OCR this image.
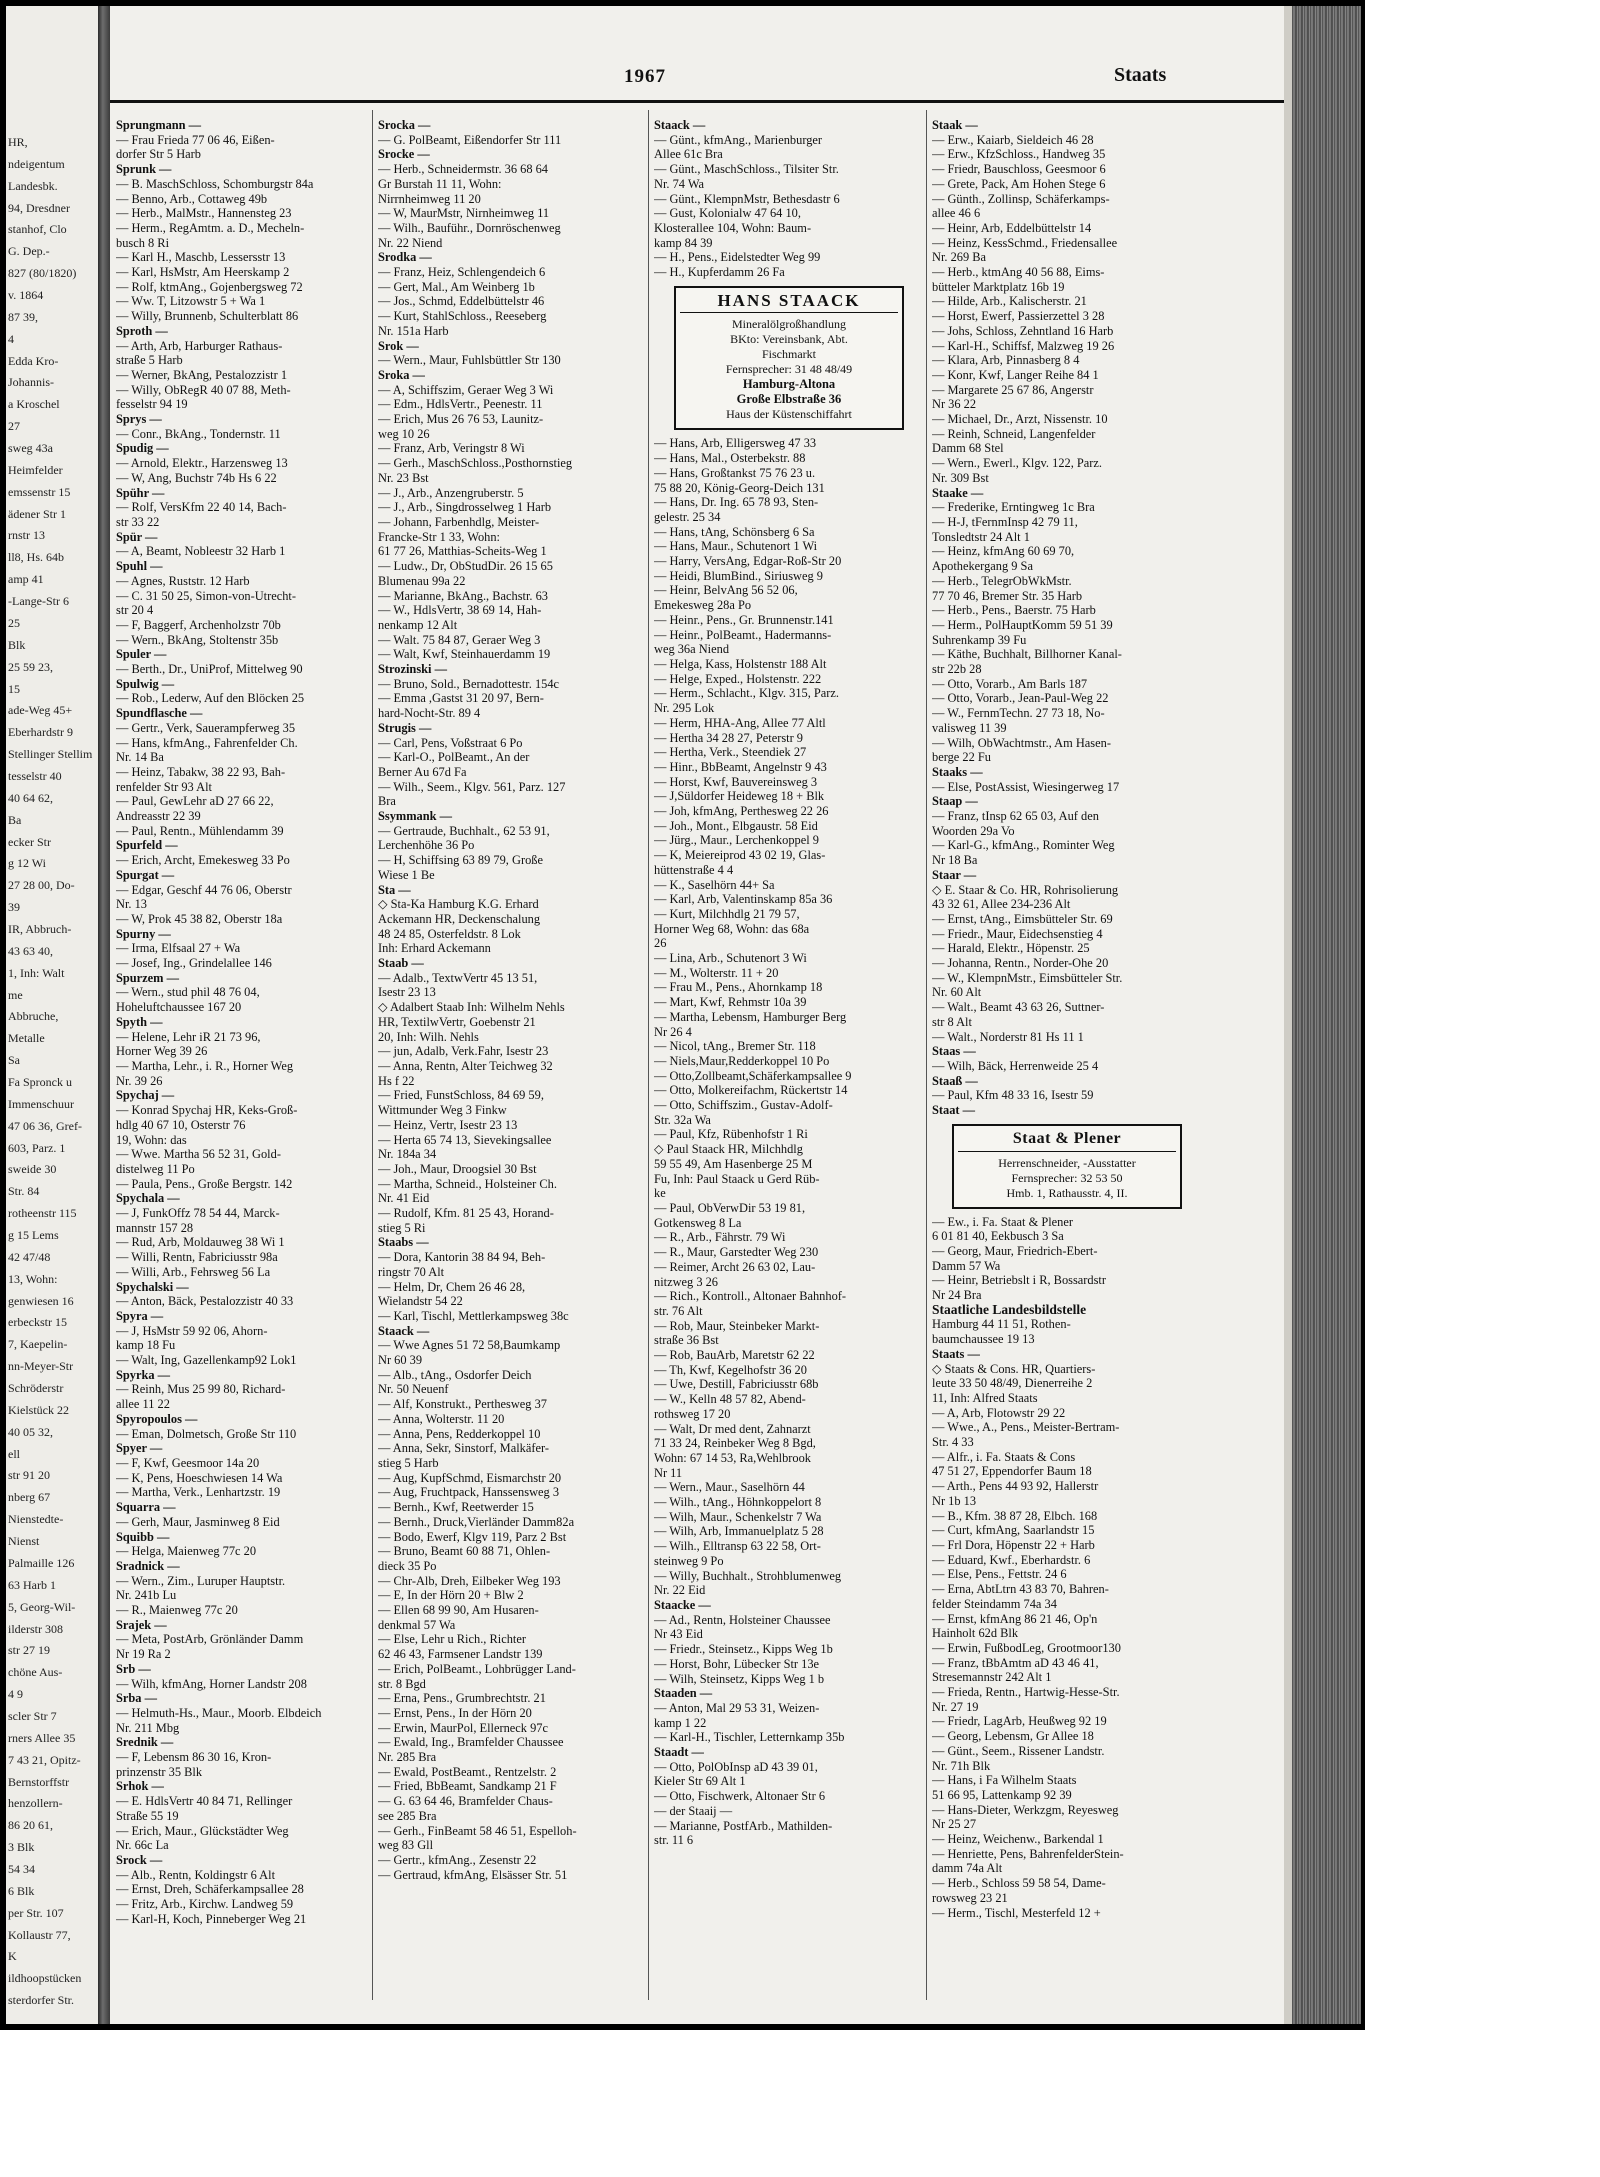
HR,
ndeigentum
Landesbk.
94, Dresdner
stanhof, Clo
G. Dep.-
827 (80/1820)
v. 1864
87 39,
4
Edda Kro-
Johannis-
a Kroschel
27
sweg 43a
Heimfelder
emssenstr 15
ädener Str 1
rnstr 13
ll8, Hs. 64b
amp 41
-Lange-Str 6
25
Blk
25 59 23,
15
ade-Weg 45+
Eberhardstr 9
Stellinger Stellim
tesselstr 40
40 64 62,
Ba
ecker Str
g 12 Wi
27 28 00, Do-
39
IR, Abbruch-
43 63 40,
1, Inh: Walt
me
Abbruche,
Metalle
Sa
Fa Spronck u
Immenschuur
47 06 36, Gref-
603, Parz. 1
sweide 30
Str. 84
rotheenstr 115
g 15 Lems
42 47/48
13, Wohn:
genwiesen 16
erbeckstr 15
7, Kaepelin-
nn-Meyer-Str
Schröderstr
Kielstück 22
40 05 32,
ell
str 91 20
nberg 67
Nienstedte-
Nienst
Palmaille 126
63 Harb 1
5, Georg-Wil-
ilderstr 308
str 27 19
chöne Aus-
4 9
scler Str 7
rners Allee 35
7 43 21, Opitz-
Bernstorffstr
henzollern-
86 20 61,
3 Blk
54 34
6 Blk
per Str. 107
Kollaustr 77,
K
ildhoopstücken
sterdorfer Str.
1967	Staats
Sprungmann —
— Frau Frieda 77 06 46, Eißen-
dorfer Str 5 Harb
Sprunk —
— B. MaschSchloss, Schomburgstr 84a
— Benno, Arb., Cottaweg 49b
— Herb., MalMstr., Hannensteg 23
— Herm., RegAmtm. a. D., Mecheln-
busch 8 Ri
— Karl H., Maschb, Lessersstr 13
— Karl, HsMstr, Am Heerskamp 2
— Rolf, ktmAng., Gojenbergsweg 72
— Ww. T, Litzowstr 5 + Wa 1
— Willy, Brunnenb, Schulterblatt 86
Sproth —
— Arth, Arb, Harburger Rathaus-
straße 5 Harb
— Werner, BkAng, Pestalozzistr 1
— Willy, ObRegR 40 07 88, Meth-
fesselstr 94 19
Sprys —
— Conr., BkAng., Tondernstr. 11
Spudig —
— Arnold, Elektr., Harzensweg 13
— W, Ang, Buchstr 74b Hs 6 22
Spühr —
— Rolf, VersKfm 22 40 14, Bach-
str 33 22
Spür —
— A, Beamt, Nobleestr 32 Harb 1
Spuhl —
— Agnes, Ruststr. 12 Harb
— C. 31 50 25, Simon-von-Utrecht-
str 20 4
— F, Baggerf, Archenholzstr 70b
— Wern., BkAng, Stoltenstr 35b
Spuler —
— Berth., Dr., UniProf, Mittelweg 90
Spulwig —
— Rob., Lederw, Auf den Blöcken 25
Spundflasche —
— Gertr., Verk, Sauerampferweg 35
— Hans, kfmAng., Fahrenfelder Ch.
Nr. 14 Ba
— Heinz, Tabakw, 38 22 93, Bah-
renfelder Str 93 Alt
— Paul, GewLehr aD 27 66 22,
Andreasstr 22 39
— Paul, Rentn., Mühlendamm 39
Spurfeld —
— Erich, Archt, Emekesweg 33 Po
Spurgat —
— Edgar, Geschf 44 76 06, Oberstr
Nr. 13
— W, Prok 45 38 82, Oberstr 18a
Spurny —
— Irma, Elfsaal 27 + Wa
— Josef, Ing., Grindelallee 146
Spurzem —
— Wern., stud phil 48 76 04,
Hoheluftchaussee 167 20
Spyth —
— Helene, Lehr iR 21 73 96,
Horner Weg 39 26
— Martha, Lehr., i. R., Horner Weg
Nr. 39 26
Spychaj —
— Konrad Spychaj HR, Keks-Groß-
hdlg 40 67 10, Osterstr 76
19, Wohn: das
— Wwe. Martha 56 52 31, Gold-
distelweg 11 Po
— Paula, Pens., Große Bergstr. 142
Spychala —
— J, FunkOffz 78 54 44, Marck-
mannstr 157 28
— Rud, Arb, Moldauweg 38 Wi 1
— Willi, Rentn, Fabriciusstr 98a
— Willi, Arb., Fehrsweg 56 La
Spychalski —
— Anton, Bäck, Pestalozzistr 40 33
Spyra —
— J, HsMstr 59 92 06, Ahorn-
kamp 18 Fu
— Walt, Ing, Gazellenkamp92 Lok1
Spyrka —
— Reinh, Mus 25 99 80, Richard-
allee 11 22
Spyropoulos —
— Eman, Dolmetsch, Große Str 110
Spyer —
— F, Kwf, Geesmoor 14a 20
— K, Pens, Hoeschwiesen 14 Wa
— Martha, Verk., Lenhartzstr. 19
Squarra —
— Gerh, Maur, Jasminweg 8 Eid
Squibb —
— Helga, Maienweg 77c 20
Sradnick —
— Wern., Zim., Luruper Hauptstr.
Nr. 241b Lu
— R., Maienweg 77c 20
Srajek —
— Meta, PostArb, Grönländer Damm
Nr 19 Ra 2
Srb —
— Wilh, kfmAng, Horner Landstr 208
Srba —
— Helmuth-Hs., Maur., Moorb. Elbdeich
Nr. 211 Mbg
Srednik —
— F, Lebensm 86 30 16, Kron-
prinzenstr 35 Blk
Srhok —
— E. HdlsVertr 40 84 71, Rellinger
Straße 55 19
— Erich, Maur., Glückstädter Weg
Nr. 66c La
Srock —
— Alb., Rentn, Koldingstr 6 Alt
— Ernst, Dreh, Schäferkampsallee 28
— Fritz, Arb., Kirchw. Landweg 59
— Karl-H, Koch, Pinneberger Weg 21
Srocka —
— G. PolBeamt, Eißendorfer Str 111
Srocke —
— Herb., Schneidermstr. 36 68 64
Gr Burstah 11 11, Wohn:
Nirrnheimweg 11 20
— W, MaurMstr, Nirnheimweg 11
— Wilh., Bauführ., Dornröschenweg
Nr. 22 Niend
Srodka —
— Franz, Heiz, Schlengendeich 6
— Gert, Mal., Am Weinberg 1b
— Jos., Schmd, Eddelbüttelstr 46
— Kurt, StahlSchloss., Reeseberg
Nr. 151a Harb
Srok —
— Wern., Maur, Fuhlsbüttler Str 130
Sroka —
— A, Schiffszim, Geraer Weg 3 Wi
— Edm., HdlsVertr., Peenestr. 11
— Erich, Mus 26 76 53, Launitz-
weg 10 26
— Franz, Arb, Veringstr 8 Wi
— Gerh., MaschSchloss.,Posthornstieg
Nr. 23 Bst
— J., Arb., Anzengruberstr. 5
— J., Arb., Singdrosselweg 1 Harb
— Johann, Farbenhdlg, Meister-
Francke-Str 1 33, Wohn:
61 77 26, Matthias-Scheits-Weg 1
— Ludw., Dr, ObStudDir. 26 15 65
Blumenau 99a 22
— Marianne, BkAng., Bachstr. 63
— W., HdlsVertr, 38 69 14, Hah-
nenkamp 12 Alt
— Walt. 75 84 87, Geraer Weg 3
— Walt, Kwf, Steinhauerdamm 19
Strozinski —
— Bruno, Sold., Bernadottestr. 154c
— Emma ,Gastst 31 20 97, Bern-
hard-Nocht-Str. 89 4
Strugis —
— Carl, Pens, Voßstraat 6 Po
— Karl-O., PolBeamt., An der
Berner Au 67d Fa
— Wilh., Seem., Klgv. 561, Parz. 127
Bra
Ssymmank —
— Gertraude, Buchhalt., 62 53 91,
Lerchenhöhe 36 Po
— H, Schiffsing 63 89 79, Große
Wiese 1 Be
Sta —
◇ Sta-Ka Hamburg K.G. Erhard
Ackemann HR, Deckenschalung
48 24 85, Osterfeldstr. 8 Lok
Inh: Erhard Ackemann
Staab —
— Adalb., TextwVertr 45 13 51,
Isestr 23 13
◇ Adalbert Staab Inh: Wilhelm Nehls
HR, TextilwVertr, Goebenstr 21
20, Inh: Wilh. Nehls
— jun, Adalb, Verk.Fahr, Isestr 23
— Anna, Rentn, Alter Teichweg 32
Hs f 22
— Fried, FunstSchloss, 84 69 59,
Wittmunder Weg 3 Finkw
— Heinz, Vertr, Isestr 23 13
— Herta 65 74 13, Sievekingsallee
Nr. 184a 34
— Joh., Maur, Droogsiel 30 Bst
— Martha, Schneid., Holsteiner Ch.
Nr. 41 Eid
— Rudolf, Kfm. 81 25 43, Horand-
stieg 5 Ri
Staabs —
— Dora, Kantorin 38 84 94, Beh-
ringstr 70 Alt
— Helm, Dr, Chem 26 46 28,
Wielandstr 54 22
— Karl, Tischl, Mettlerkampsweg 38c
Staack —
— Wwe Agnes 51 72 58,Baumkamp
Nr 60 39
— Alb., tAng., Osdorfer Deich
Nr. 50 Neuenf
— Alf, Konstrukt., Perthesweg 37
— Anna, Wolterstr. 11 20
— Anna, Pens, Redderkoppel 10
— Anna, Sekr, Sinstorf, Malkäfer-
stieg 5 Harb
— Aug, KupfSchmd, Eismarchstr 20
— Aug, Fruchtpack, Hanssensweg 3
— Bernh., Kwf, Reetwerder 15
— Bernh., Druck,Vierländer Damm82a
— Bodo, Ewerf, Klgv 119, Parz 2 Bst
— Bruno, Beamt 60 88 71, Ohlen-
dieck 35 Po
— Chr-Alb, Dreh, Eilbeker Weg 193
— E, In der Hörn 20 + Blw 2
— Ellen 68 99 90, Am Husaren-
denkmal 57 Wa
— Else, Lehr u Rich., Richter
62 46 43, Farmsener Landstr 139
— Erich, PolBeamt., Lohbrügger Land-
str. 8 Bgd
— Erna, Pens., Grumbrechtstr. 21
— Ernst, Pens., In der Hörn 20
— Erwin, MaurPol, Ellerneck 97c
— Ewald, Ing., Bramfelder Chaussee
Nr. 285 Bra
— Ewald, PostBeamt., Rentzelstr. 2
— Fried, BbBeamt, Sandkamp 21 F
— G. 63 64 46, Bramfelder Chaus-
see 285 Bra
— Gerh., FinBeamt 58 46 51, Espelloh-
weg 83 Gll
— Gertr., kfmAng., Zesenstr 22
— Gertraud, kfmAng, Elsässer Str. 51
Staack —
— Günt., kfmAng., Marienburger
Allee 61c Bra
— Günt., MaschSchloss., Tilsiter Str.
Nr. 74 Wa
— Günt., KlempnMstr, Bethesdastr 6
— Gust, Kolonialw 47 64 10,
Klosterallee 104, Wohn: Baum-
kamp 84 39
— H., Pens., Eidelstedter Weg 99
— H., Kupferdamm 26 Fa
HANS STAACK
Mineralölgroßhandlung
BKto: Vereinsbank, Abt.
Fischmarkt
Fernsprecher: 31 48 48/49
Hamburg-Altona
Große Elbstraße 36
Haus der Küstenschiffahrt
— Hans, Arb, Elligersweg 47 33
— Hans, Mal., Osterbekstr. 88
— Hans, Großtankst 75 76 23 u.
75 88 20, König-Georg-Deich 131
— Hans, Dr. Ing. 65 78 93, Sten-
gelestr. 25 34
— Hans, tAng, Schönsberg 6 Sa
— Hans, Maur., Schutenort 1 Wi
— Harry, VersAng, Edgar-Roß-Str 20
— Heidi, BlumBind., Siriusweg 9
— Heinr, BelvAng 56 52 06,
Emekesweg 28a Po
— Heinr., Pens., Gr. Brunnenstr.141
— Heinr., PolBeamt., Hadermanns-
weg 36a Niend
— Helga, Kass, Holstenstr 188 Alt
— Helge, Exped., Holstenstr. 222
— Herm., Schlacht., Klgv. 315, Parz.
Nr. 295 Lok
— Herm, HHA-Ang, Allee 77 Altl
— Hertha 34 28 27, Peterstr 9
— Hertha, Verk., Steendiek 27
— Hinr., BbBeamt, Angelnstr 9 43
— Horst, Kwf, Bauvereinsweg 3
— J,Süldorfer Heideweg 18 + Blk
— Joh, kfmAng, Perthesweg 22 26
— Joh., Mont., Elbgaustr. 58 Eid
— Jürg., Maur., Lerchenkoppel 9
— K, Meiereiprod 43 02 19, Glas-
hüttenstraße 4 4
— K., Saselhörn 44+ Sa
— Karl, Arb, Valentinskamp 85a 36
— Kurt, Milchhdlg 21 79 57,
Horner Weg 68, Wohn: das 68a
26
— Lina, Arb., Schutenort 3 Wi
— M., Wolterstr. 11 + 20
— Frau M., Pens., Ahornkamp 18
— Mart, Kwf, Rehmstr 10a 39
— Martha, Lebensm, Hamburger Berg
Nr 26 4
— Nicol, tAng., Bremer Str. 118
— Niels,Maur,Redderkoppel 10 Po
— Otto,Zollbeamt,Schäferkampsallee 9
— Otto, Molkereifachm, Rückertstr 14
— Otto, Schiffszim., Gustav-Adolf-
Str. 32a Wa
— Paul, Kfz, Rübenhofstr 1 Ri
◇ Paul Staack HR, Milchhdlg
59 55 49, Am Hasenberge 25 M
Fu, Inh: Paul Staack u Gerd Rüb-
ke
— Paul, ObVerwDir 53 19 81,
Gotkensweg 8 La
— R., Arb., Fährstr. 79 Wi
— R., Maur, Garstedter Weg 230
— Reimer, Archt 26 63 02, Lau-
nitzweg 3 26
— Rich., Kontroll., Altonaer Bahnhof-
str. 76 Alt
— Rob, Maur, Steinbeker Markt-
straße 36 Bst
— Rob, BauArb, Maretstr 62 22
— Th, Kwf, Kegelhofstr 36 20
— Uwe, Destill, Fabriciusstr 68b
— W., Kelln 48 57 82, Abend-
rothsweg 17 20
— Walt, Dr med dent, Zahnarzt
71 33 24, Reinbeker Weg 8 Bgd,
Wohn: 67 14 53, Ra,Wehlbrook
Nr 11
— Wern., Maur., Saselhörn 44
— Wilh., tAng., Höhnkoppelort 8
— Wilh, Maur., Schenkelstr 7 Wa
— Wilh, Arb, Immanuelplatz 5 28
— Wilh., Elltransp 63 22 58, Ort-
steinweg 9 Po
— Willy, Buchhalt., Strohblumenweg
Nr. 22 Eid
Staacke —
— Ad., Rentn, Holsteiner Chaussee
Nr 43 Eid
— Friedr., Steinsetz., Kipps Weg 1b
— Horst, Bohr, Lübecker Str 13e
— Wilh, Steinsetz, Kipps Weg 1 b
Staaden —
— Anton, Mal 29 53 31, Weizen-
kamp 1 22
— Karl-H., Tischler, Letternkamp 35b
Staadt —
— Otto, PolObInsp aD 43 39 01,
Kieler Str 69 Alt 1
— Otto, Fischwerk, Altonaer Str 6
— der Staaij —
— Marianne, PostfArb., Mathilden-
str. 11 6
Staak —
— Erw., Kaiarb, Sieldeich 46 28
— Erw., KfzSchloss., Handweg 35
— Friedr, Bauschloss, Geesmoor 6
— Grete, Pack, Am Hohen Stege 6
— Günth., Zollinsp, Schäferkamps-
allee 46 6
— Heinr, Arb, Eddelbüttelstr 14
— Heinz, KessSchmd., Friedensallee
Nr. 269 Ba
— Herb., ktmAng 40 56 88, Eims-
bütteler Marktplatz 16b 19
— Hilde, Arb., Kalischerstr. 21
— Horst, Ewerf, Passierzettel 3 28
— Johs, Schloss, Zehntland 16 Harb
— Karl-H., Schiffsf, Malzweg 19 26
— Klara, Arb, Pinnasberg 8 4
— Konr, Kwf, Langer Reihe 84 1
— Margarete 25 67 86, Angerstr
Nr 36 22
— Michael, Dr., Arzt, Nissenstr. 10
— Reinh, Schneid, Langenfelder
Damm 68 Stel
— Wern., Ewerl., Klgv. 122, Parz.
Nr. 309 Bst
Staake —
— Frederike, Erntingweg 1c Bra
— H-J, tFernmInsp 42 79 11,
Tonsledtstr 24 Alt 1
— Heinz, kfmAng 60 69 70,
Apothekergang 9 Sa
— Herb., TelegrObWkMstr.
77 70 46, Bremer Str. 35 Harb
— Herb., Pens., Baerstr. 75 Harb
— Herm., PolHauptKomm 59 51 39
Suhrenkamp 39 Fu
— Käthe, Buchhalt, Billhorner Kanal-
str 22b 28
— Otto, Vorarb., Am Barls 187
— Otto, Vorarb., Jean-Paul-Weg 22
— W., FernmTechn. 27 73 18, No-
valisweg 11 39
— Wilh, ObWachtmstr., Am Hasen-
berge 22 Fu
Staaks —
— Else, PostAssist, Wiesingerweg 17
Staap —
— Franz, tInsp 62 65 03, Auf den
Woorden 29a Vo
— Karl-G., kfmAng., Rominter Weg
Nr 18 Ba
Staar —
◇ E. Staar & Co. HR, Rohrisolierung
43 32 61, Allee 234-236 Alt
— Ernst, tAng., Eimsbütteler Str. 69
— Friedr., Maur, Eidechsenstieg 4
— Harald, Elektr., Höpenstr. 25
— Johanna, Rentn., Norder-Ohe 20
— W., KlempnMstr., Eimsbütteler Str.
Nr. 60 Alt
— Walt., Beamt 43 63 26, Suttner-
str 8 Alt
— Walt., Norderstr 81 Hs 11 1
Staas —
— Wilh, Bäck, Herrenweide 25 4
Staaß —
— Paul, Kfm 48 33 16, Isestr 59
Staat —
Staat & Plener
Herrenschneider, -Ausstatter
Fernsprecher: 32 53 50
Hmb. 1, Rathausstr. 4, II.
— Ew., i. Fa. Staat & Plener
6 01 81 40, Eekbusch 3 Sa
— Georg, Maur, Friedrich-Ebert-
Damm 57 Wa
— Heinr, Betriebslt i R, Bossardstr
Nr 24 Bra
Staatliche Landesbildstelle
Hamburg 44 11 51, Rothen-
baumchaussee 19 13
Staats —
◇ Staats & Cons. HR, Quartiers-
leute 33 50 48/49, Dienerreihe 2
11, Inh: Alfred Staats
— A, Arb, Flotowstr 29 22
— Wwe., A., Pens., Meister-Bertram-
Str. 4 33
— Alfr., i. Fa. Staats & Cons
47 51 27, Eppendorfer Baum 18
— Arth., Pens 44 93 92, Hallerstr
Nr 1b 13
— B., Kfm. 38 87 28, Elbch. 168
— Curt, kfmAng, Saarlandstr 15
— Frl Dora, Höpenstr 22 + Harb
— Eduard, Kwf., Eberhardstr. 6
— Else, Pens., Fettstr. 24 6
— Erna, AbtLtrn 43 83 70, Bahren-
felder Steindamm 74a 34
— Ernst, kfmAng 86 21 46, Op'n
Hainholt 62d Blk
— Erwin, FußbodLeg, Grootmoor130
— Franz, tBbAmtm aD 43 46 41,
Stresemannstr 242 Alt 1
— Frieda, Rentn., Hartwig-Hesse-Str.
Nr. 27 19
— Friedr, LagArb, Heußweg 92 19
— Georg, Lebensm, Gr Allee 18
— Günt., Seem., Rissener Landstr.
Nr. 71h Blk
— Hans, i Fa Wilhelm Staats
51 66 95, Lattenkamp 92 39
— Hans-Dieter, Werkzgm, Reyesweg
Nr 25 27
— Heinz, Weichenw., Barkendal 1
— Henriette, Pens, BahrenfelderStein-
damm 74a Alt
— Herb., Schloss 59 58 54, Dame-
rowsweg 23 21
— Herm., Tischl, Mesterfeld 12 +
